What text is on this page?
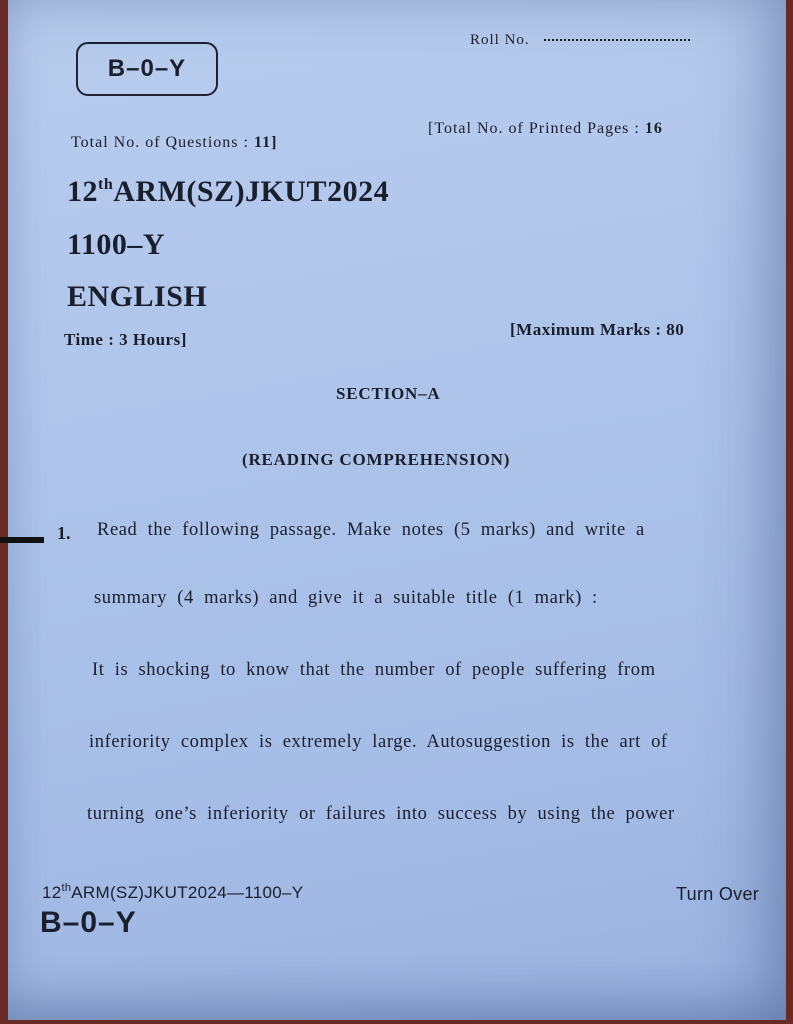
B–0–Y
Roll No.
Total No. of Questions : 11]
[Total No. of Printed Pages : 16
12thARM(SZ)JKUT2024
1100–Y
ENGLISH
Time : 3 Hours]
[Maximum Marks : 80
SECTION–A
(READING COMPREHENSION)
1. Read the following passage. Make notes (5 marks) and write a
summary (4 marks) and give it a suitable title (1 mark) :
It is shocking to know that the number of people suffering from
inferiority complex is extremely large. Autosuggestion is the art of
turning one’s inferiority or failures into success by using the power
12thARM(SZ)JKUT2024—1100–Y
B–0–Y
Turn Over
